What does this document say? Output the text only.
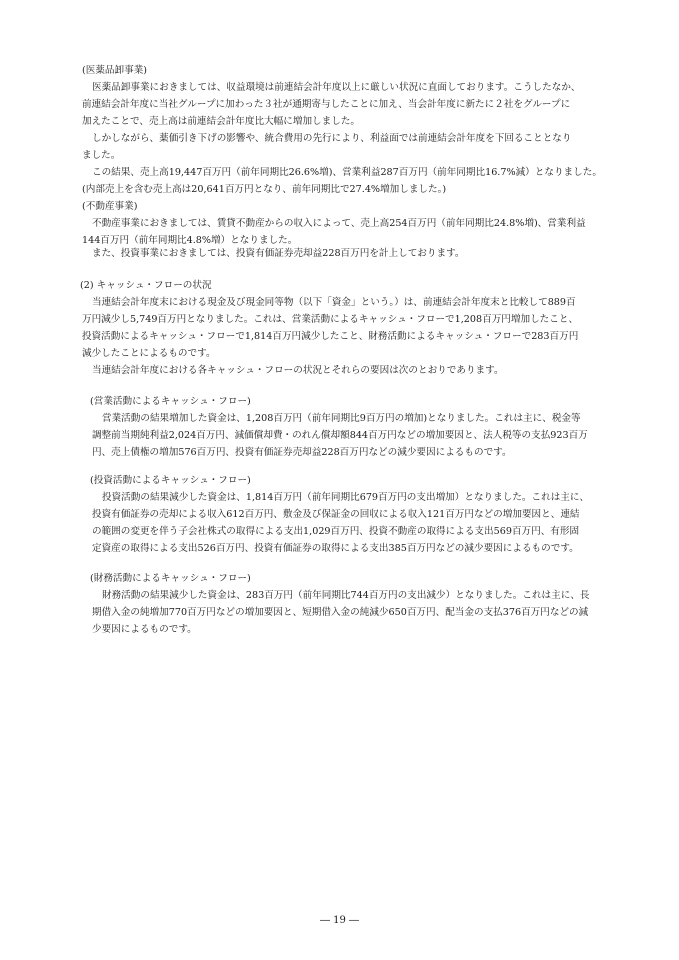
(医薬品卸事業)
医薬品卸事業におきましては、収益環境は前連結会計年度以上に厳しい状況に直面しております。こうしたなか、
前連結会計年度に当社グループに加わった３社が通期寄与したことに加え、当会計年度に新たに２社をグループに
加えたことで、売上高は前連結会計年度比大幅に増加しました。
しかしながら、薬価引き下げの影響や、統合費用の先行により、利益面では前連結会計年度を下回ることとなり
ました。
この結果、売上高19,447百万円（前年同期比26.6%増)、営業利益287百万円（前年同期比16.7%減）となりました。
(内部売上を含む売上高は20,641百万円となり、前年同期比で27.4%増加しました。)
(不動産事業)
不動産事業におきましては、賃貸不動産からの収入によって、売上高254百万円（前年同期比24.8%増)、営業利益
144百万円（前年同期比4.8%増）となりました。
また、投資事業におきましては、投資有価証券売却益228百万円を計上しております。
(2) キャッシュ・フローの状況
当連結会計年度末における現金及び現金同等物（以下「資金」という。）は、前連結会計年度末と比較して889百
万円減少し5,749百万円となりました。これは、営業活動によるキャッシュ・フローで1,208百万円増加したこと、
投資活動によるキャッシュ・フローで1,814百万円減少したこと、財務活動によるキャッシュ・フローで283百万円
減少したことによるものです。
当連結会計年度における各キャッシュ・フローの状況とそれらの要因は次のとおりであります。
(営業活動によるキャッシュ・フロー)
営業活動の結果増加した資金は、1,208百万円（前年同期比9百万円の増加)となりました。これは主に、税金等
調整前当期純利益2,024百万円、減価償却費・のれん償却額844百万円などの増加要因と、法人税等の支払923百万
円、売上債権の増加576百万円、投資有価証券売却益228百万円などの減少要因によるものです。
(投資活動によるキャッシュ・フロー)
投資活動の結果減少した資金は、1,814百万円（前年同期比679百万円の支出増加）となりました。これは主に、
投資有価証券の売却による収入612百万円、敷金及び保証金の回収による収入121百万円などの増加要因と、連結
の範囲の変更を伴う子会社株式の取得による支出1,029百万円、投資不動産の取得による支出569百万円、有形固
定資産の取得による支出526百万円、投資有価証券の取得による支出385百万円などの減少要因によるものです。
(財務活動によるキャッシュ・フロー)
財務活動の結果減少した資金は、283百万円（前年同期比744百万円の支出減少）となりました。これは主に、長
期借入金の純増加770百万円などの増加要因と、短期借入金の純減少650百万円、配当金の支払376百万円などの減
少要因によるものです。
― 19 ―
